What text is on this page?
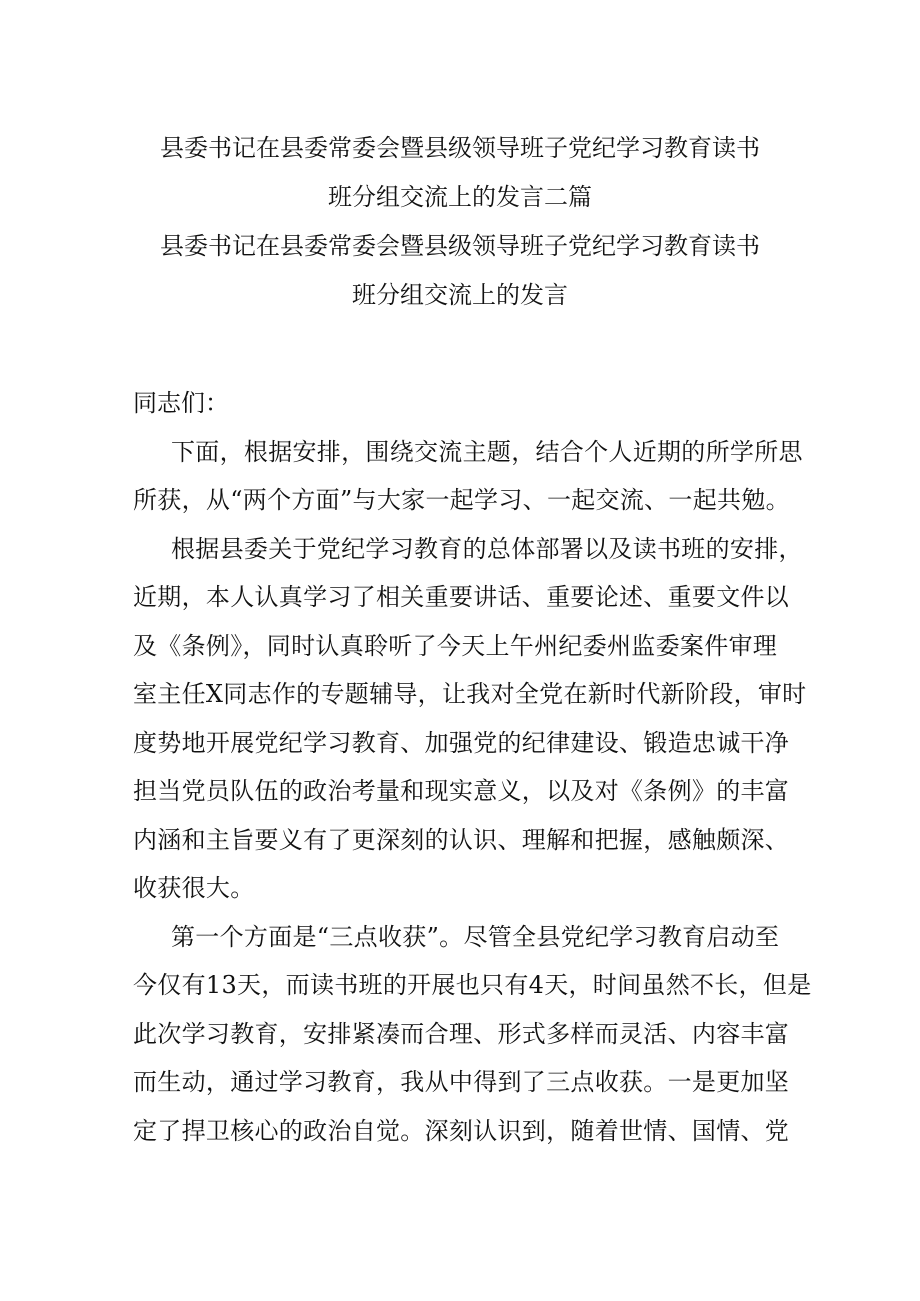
县委书记在县委常委会暨县级领导班子党纪学习教育读书
班分组交流上的发言二篇
县委书记在县委常委会暨县级领导班子党纪学习教育读书
班分组交流上的发言

同志们：

下面，根据安排，围绕交流主题，结合个人近期的所学所思
所获，从“两个方面”与大家一起学习、一起交流、一起共勉。

根据县委关于党纪学习教育的总体部署以及读书班的安排，
近期，本人认真学习了相关重要讲话、重要论述、重要文件以
及《条例》，同时认真聆听了今天上午州纪委州监委案件审理
室主任X同志作的专题辅导，让我对全党在新时代新阶段，审时
度势地开展党纪学习教育、加强党的纪律建设、锻造忠诚干净
担当党员队伍的政治考量和现实意义，以及对《条例》的丰富
内涵和主旨要义有了更深刻的认识、理解和把握，感触颇深、
收获很大。

第一个方面是“三点收获”。尽管全县党纪学习教育启动至
今仅有13天，而读书班的开展也只有4天，时间虽然不长，但是
此次学习教育，安排紧凑而合理、形式多样而灵活、内容丰富
而生动，通过学习教育，我从中得到了三点收获。一是更加坚
定了捍卫核心的政治自觉。深刻认识到，随着世情、国情、党
